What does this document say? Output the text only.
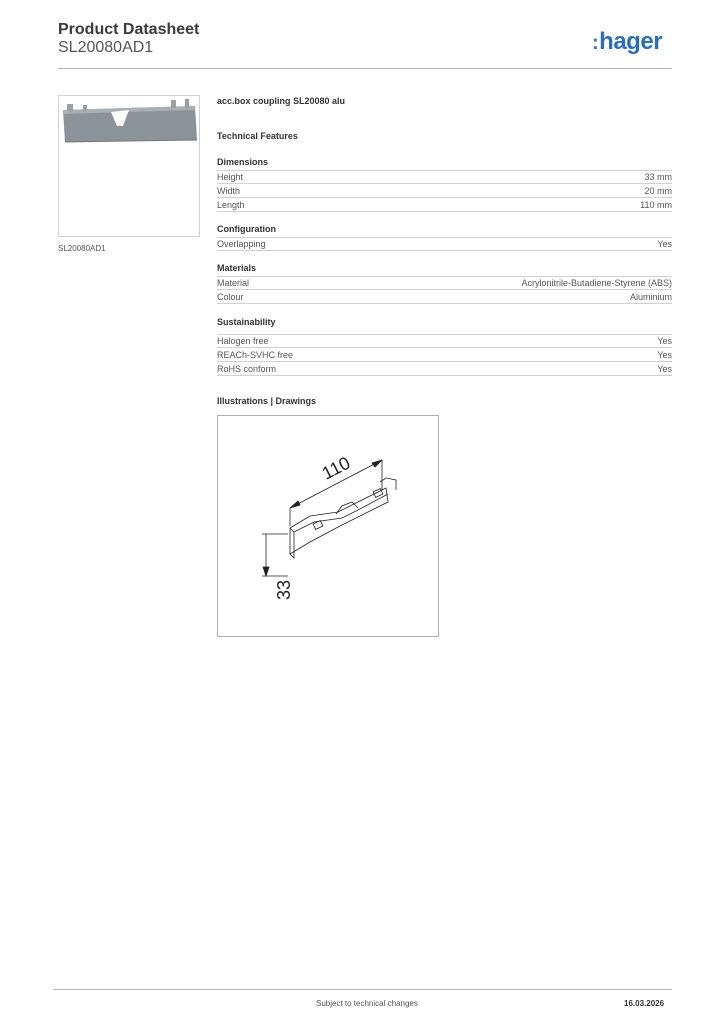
Product Datasheet
SL20080AD1	:hager
SL20080AD1
acc.box coupling SL20080 alu
Technical Features
Dimensions
Height	33 mm
Width	20 mm
Length	110 mm
Configuration
Overlapping	Yes
Materials
Material	Acrylonitrile-Butadiene-Styrene (ABS)
Colour	Aluminium
Sustainability
Halogen free	Yes
REACh-SVHC free	Yes
RoHS conform	Yes
Illustrations | Drawings
110
33
Subject to technical changes	16.03.2026
